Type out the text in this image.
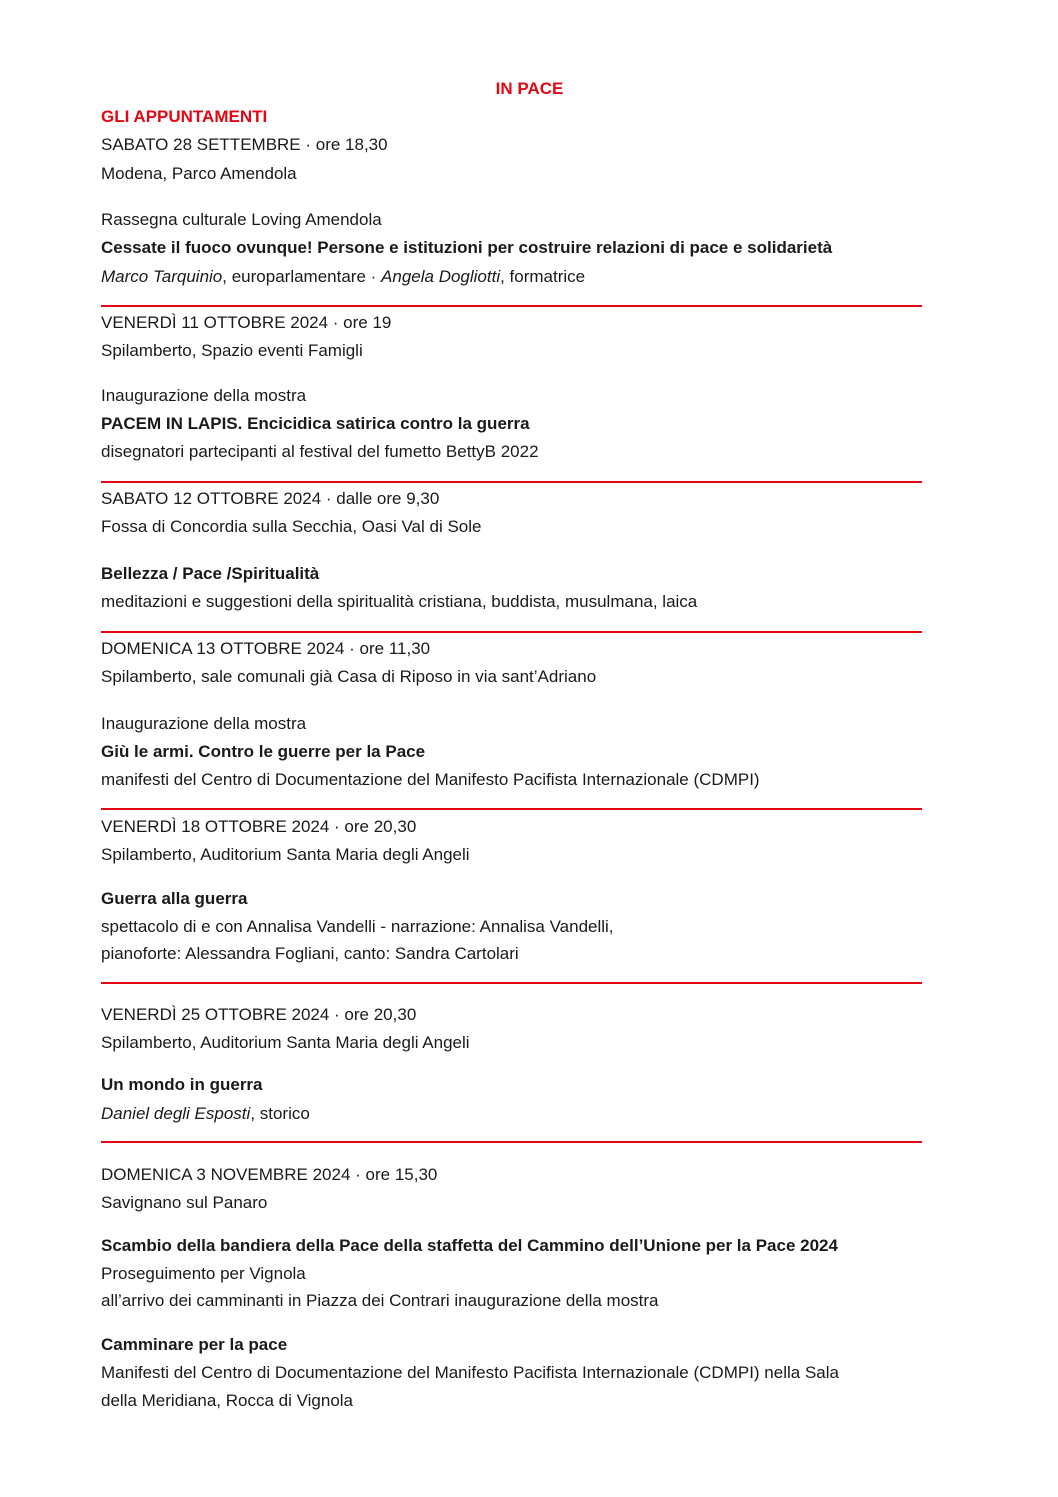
IN PACE
GLI APPUNTAMENTI
SABATO 28 SETTEMBRE · ore 18,30
Modena, Parco Amendola
Rassegna culturale Loving Amendola
Cessate il fuoco ovunque! Persone e istituzioni per costruire relazioni di pace e solidarietà
Marco Tarquinio, europarlamentare · Angela Dogliotti, formatrice
VENERDÌ 11 OTTOBRE 2024 · ore 19
Spilamberto, Spazio eventi Famigli
Inaugurazione della mostra
PACEM IN LAPIS. Encicidica satirica contro la guerra
disegnatori partecipanti al festival del fumetto BettyB 2022
SABATO 12 OTTOBRE 2024 · dalle ore 9,30
Fossa di Concordia sulla Secchia, Oasi Val di Sole
Bellezza / Pace /Spiritualità
meditazioni e suggestioni della spiritualità cristiana, buddista, musulmana, laica
DOMENICA 13 OTTOBRE 2024 · ore 11,30
Spilamberto, sale comunali già Casa di Riposo in via sant’Adriano
Inaugurazione della mostra
Giù le armi. Contro le guerre per la Pace
manifesti del Centro di Documentazione del Manifesto Pacifista Internazionale (CDMPI)
VENERDÌ 18 OTTOBRE 2024 · ore 20,30
Spilamberto, Auditorium Santa Maria degli Angeli
Guerra alla guerra
spettacolo di e con Annalisa Vandelli - narrazione: Annalisa Vandelli,
pianoforte: Alessandra Fogliani, canto: Sandra Cartolari
VENERDÌ 25 OTTOBRE 2024 · ore 20,30
Spilamberto, Auditorium Santa Maria degli Angeli
Un mondo in guerra
Daniel degli Esposti, storico
DOMENICA 3 NOVEMBRE 2024 · ore 15,30
Savignano sul Panaro
Scambio della bandiera della Pace della staffetta del Cammino dell’Unione per la Pace 2024
Proseguimento per Vignola
all’arrivo dei camminanti in Piazza dei Contrari inaugurazione della mostra
Camminare per la pace
Manifesti del Centro di Documentazione del Manifesto Pacifista Internazionale (CDMPI) nella Sala
della Meridiana, Rocca di Vignola
